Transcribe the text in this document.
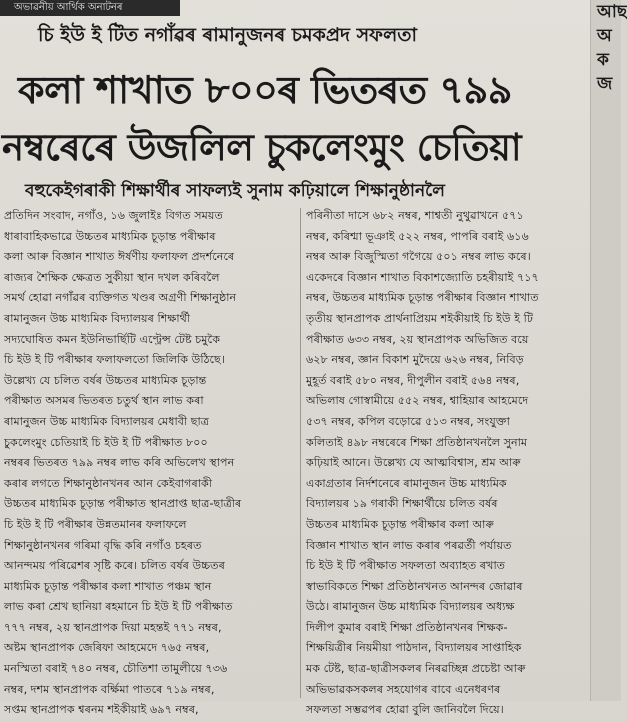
অভাৱনীয় আৰ্থিক অনাটনৰ
চি ইউ ই টিত নগাঁৱৰ ৰামানুজনৰ চমকপ্ৰদ সফলতা
কলা শাখাত ৮০০ৰ ভিতৰত ৭৯৯
নম্বৰেৰে উজলিল চুকলেংমুং চেতিয়া
বহুকেইগৰাকী শিক্ষাৰ্থীৰ সাফল্যই সুনাম কঢ়িয়ালে শিক্ষানুষ্ঠানলৈ

প্ৰতিদিন সংবাদ, নগাঁও, ১৬ জুলাইঃ বিগত সময়ত

ধাৰাবাহিকভাৱে উচ্চতৰ মাধ্যমিক চূড়ান্ত পৰীক্ষাৰ

কলা আৰু বিজ্ঞান শাখাত ঈৰ্ষণীয় ফলাফল প্ৰদৰ্শনেৰে

ৰাজ্যৰ শৈক্ষিক ক্ষেত্ৰত সুকীয়া স্থান দখল কৰিবলৈ

সমৰ্থ হোৱা নগাঁৱৰ ব্যক্তিগত খণ্ডৰ অগ্ৰণী শিক্ষানুষ্ঠান

ৰামানুজন উচ্চ মাধ্যমিক বিদ্যালয়ৰ শিক্ষাৰ্থী

সদ্যঘোষিত কমন ইউনিভাৰ্ছিটি এণ্ট্ৰেন্স টেষ্ট চমুকৈ

চি ইউ ই টি পৰীক্ষাৰ ফলাফলতো জিলিকি উঠিছে।

উল্লেখ্য যে চলিত বৰ্ষৰ উচ্চতৰ মাধ্যমিক চূড়ান্ত

পৰীক্ষাত অসমৰ ভিতৰত চতুৰ্থ স্থান লাভ কৰা

ৰামানুজন উচ্চ মাধ্যমিক বিদ্যালয়ৰ মেধাবী ছাত্ৰ

চুকলেংমুং চেতিয়াই চি ইউ ই টি পৰীক্ষাত ৮০০

নম্বৰৰ ভিতৰত ৭৯৯ নম্বৰ লাভ কৰি অভিলেখ স্থাপন

কৰাৰ লগতে শিক্ষানুষ্ঠানখনৰ আন কেইবাগৰাকী

উচ্চতৰ মাধ্যমিক চূড়ান্ত পৰীক্ষাত স্থানপ্ৰাপ্ত ছাত্ৰ-ছাত্ৰীৰ

চি ইউ ই টি পৰীক্ষাৰ উন্নতমানৰ ফলাফলে

শিক্ষানুষ্ঠানখনৰ গৰিমা বৃদ্ধি কৰি নগাঁও চহৰত

আনন্দময় পৰিৱেশৰ সৃষ্টি কৰে। চলিত বৰ্ষৰ উচ্চতৰ

মাধ্যমিক চূড়ান্ত পৰীক্ষাৰ কলা শাখাত পঞ্চম স্থান

লাভ কৰা শ্ৰেখ ছানিয়া ৰহমানে চি ইউ ই টি পৰীক্ষাত

৭৭৭ নম্বৰ, ২য় স্থানপ্ৰাপক দিয়া মহন্তই ৭৭১ নম্বৰ,

অষ্টম স্থানপ্ৰাপক জেৰিফা আহমেদে ৭৬৫ নম্বৰ,

মনস্মিতা বৰাই ৭৪০ নম্বৰ, চৌতিশা তামুলীয়ে ৭৩৬

নম্বৰ, দশম স্থানপ্ৰাপক বৰ্ক্ষিমা পাতৰে ৭১৯ নম্বৰ,

সপ্তম স্থানপ্ৰাপক শ্বৰনম শইকীয়াই ৬৯৭ নম্বৰ,

পৰিনীতা দাসে ৬৮২ নম্বৰ, শাশ্বতী নুথুৱাখনে ৫৭১

নম্বৰ, কৰিশ্মা ভূঞাই ৫২২ নম্বৰ, পাপৰি বৰাই ৬১৬

নম্বৰ আৰু বিজুস্মিতা গগৈয়ে ৫০১ নম্বৰ লাভ কৰে।

একেদৰে বিজ্ঞান শাখাত বিকাশজ্যোতি চহৰীয়াই ৭১৭

নম্বৰ, উচ্চতৰ মাধ্যমিক চূড়ান্ত পৰীক্ষাৰ বিজ্ঞান শাখাত

তৃতীয় স্থানপ্ৰাপক প্ৰাৰ্থনাপ্ৰিয়ম শইকীয়াই চি ইউ ই টি

পৰীক্ষাত ৬৩৩ নম্বৰ, ২য় স্থানপ্ৰাপক অভিজিত বয়ে

৬২৮ নম্বৰ, জ্ঞান বিকাশ মুদৈয়ে ৬২৬ নম্বৰ, নিবিড়

মুহূৰ্ত বৰাই ৫৮০ নম্বৰ, দীপুলীন বৰাই ৫৬৪ নম্বৰ,

অভিলাষ গোস্বামীয়ে ৫৫২ নম্বৰ, শ্বাহিয়াৰ আহমেদে

৫৩৭ নম্বৰ, কপিল বড়োৱে ৫১৩ নম্বৰ, সংযুক্তা

কলিতাই ৪৯৮ নম্বৰেৰে শিক্ষা প্ৰতিষ্ঠানখনলৈ সুনাম

কঢ়িয়াই আনে। উল্লেখ্য যে আত্মবিশ্বাস, শ্ৰম আৰু

একাগ্ৰতাৰ নিৰ্দশনেৰে ৰামানুজন উচ্চ মাধ্যমিক

বিদ্যালয়ৰ ১৯ গৰাকী শিক্ষাৰ্থীয়ে চলিত বৰ্ষৰ

উচ্চতৰ মাধ্যমিক চূড়ান্ত পৰীক্ষাৰ কলা আৰু

বিজ্ঞান শাখাত স্থান লাভ কৰাৰ পৰৱৰ্তী পৰ্যায়ত

চি ইউ ই টি পৰীক্ষাত সফলতা অব্যাহত ৰখাত

স্বাভাবিকতে শিক্ষা প্ৰতিষ্ঠানখনত আনন্দৰ জোৱাৰ

উঠে। ৰামানুজন উচ্চ মাধ্যমিক বিদ্যালয়ৰ অধ্যক্ষ

দিলীপ কুমাৰ বৰাই শিক্ষা প্ৰতিষ্ঠানখনৰ শিক্ষক-

শিক্ষয়িত্ৰীৰ নিয়মীয়া পাঠদান, বিদ্যালয়ৰ সাপ্তাহিক

মক টেষ্ট, ছাত্ৰ-ছাত্ৰীসকলৰ নিৰৱচ্ছিন্ন প্ৰচেষ্টা আৰু

অভিভাৱকসকলৰ সহযোগৰ বাবে এনেধৰণৰ

সফলতা সম্ভৱপৰ হোৱা বুলি জানিবলৈ দিয়ে।

আছ
অ
ক
জ
